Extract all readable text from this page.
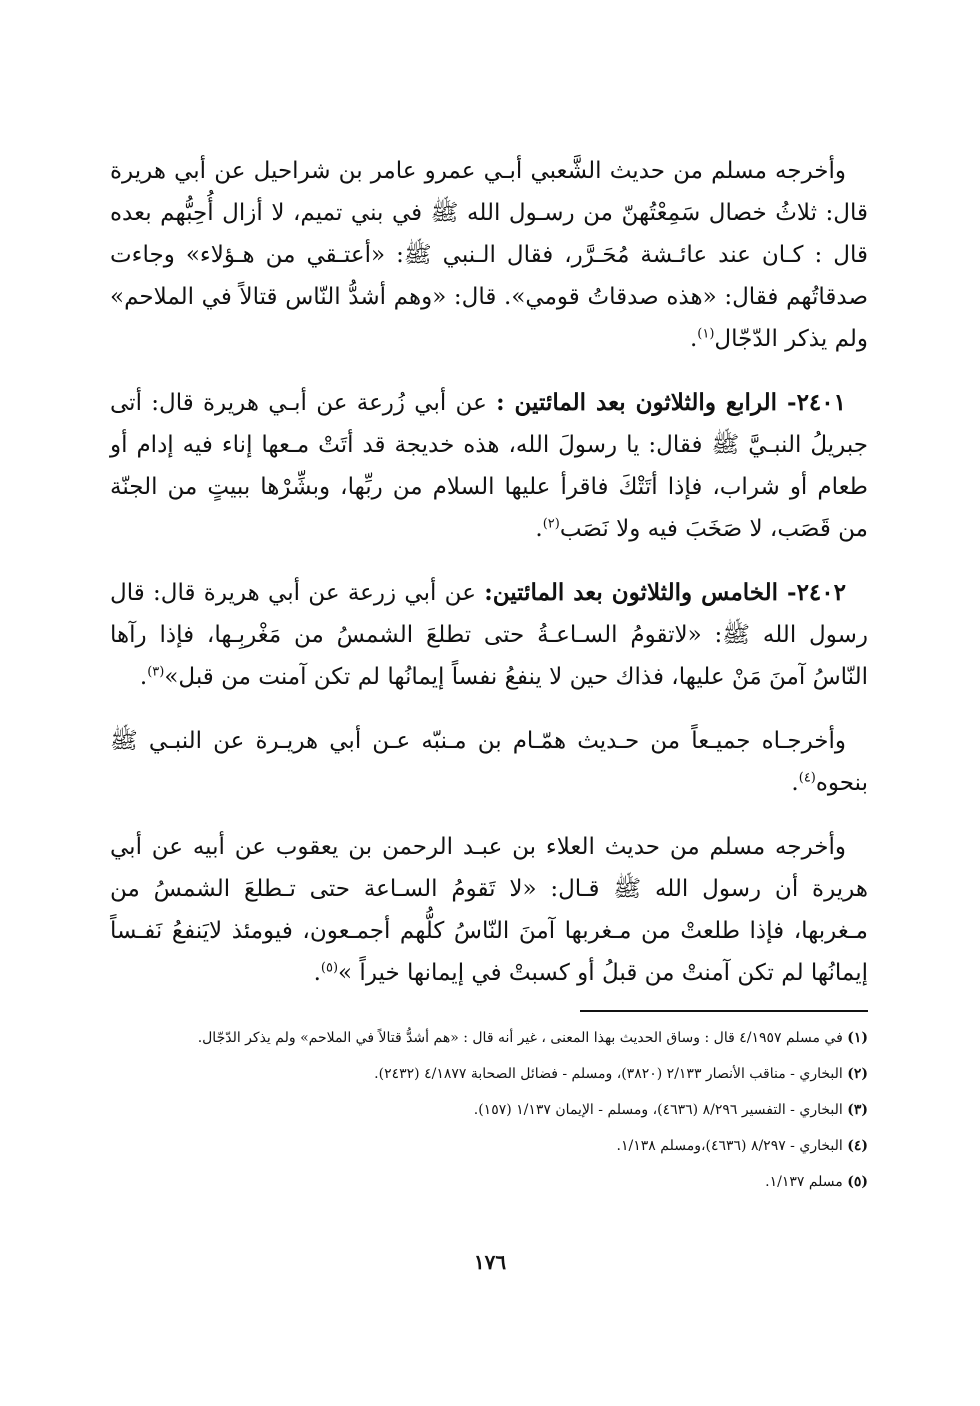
وأخرجه مسلم من حديث الشَّعبي أبـي عمرو عامر بن شراحيل عن أبي هريرة قال: ثلاثُ خصال سَمِعْتُهنّ من رسـول الله ﷺ في بني تميم، لا أزال أُحِبُّهم بعده قال : كـان عند عائـشة مُحَـرَّر، فقال الـنبي ﷺ: «أعتـقي من هـؤلاء» وجاءت صدقاتُهم فقال: «هذه صدقاتُ قومي». قال: «وهم أشدُّ النّاس قتالاً في الملاحم» ولم يذكر الدّجّال$^{(١)}$.

٢٤٠١- الرابع والثلاثون بعد المائتين : عن أبي زُرعة عن أبـي هريرة قال: أتى جبريلُ النبـيَّ ﷺ فقال: يا رسولَ الله، هذه خديجة قد أتَتْ مـعها إناء فيه إدام أو طعام أو شراب، فإذا أتَتْكَ فاقرأ عليها السلام من ربِّها، وبشِّرْها ببيتٍ من الجنّة من قَصَب، لا صَخَبَ فيه ولا نَصَب$^{(٢)}$.

٢٤٠٢- الخامس والثلاثون بعد المائتين: عن أبي زرعة عن أبي هريرة قال: قال رسول الله ﷺ: «لاتقومُ السـاعـةُ حتى تطلعَ الشمسُ من مَغْربِـها، فإذا رآها النّاسُ آمنَ مَنْ عليها، فذاك حين لا ينفعُ نفساً إيمانُها لم تكن آمنت من قبل»$^{(٣)}$.

وأخرجـاه جميـعاً من حـديث همّـام بن مـنبّه عـن أبي هريـرة عن النبـي ﷺ بنحوه$^{(٤)}$.

وأخرجه مسلم من حديث العلاء بن عبـد الرحمن بن يعقوب عن أبيه عن أبي هريرة أن رسول الله ﷺ قـال: «لا تَقومُ السـاعة حتى تـطلعَ الشمسُ من مـغربها، فإذا طلعتْ من مـغربها آمنَ النّاسُ كلُّهم أجمـعون، فيومئذ لايَنفعُ نَفـساً إيمانُها لم تكن آمنتْ من قبلُ أو كسبتْ في إيمانها خيراً »$^{(٥)}$.

(١) في مسلم ٤/١٩٥٧ قال : وساق الحديث بهذا المعنى ، غير أنه قال : «هم أشدُّ قتالاً في الملاحم» ولم يذكر الدّجّال.

(٢) البخاري - مناقب الأنصار ٢/١٣٣ (٣٨٢٠)، ومسلم - فضائل الصحابة ٤/١٨٧٧ (٢٤٣٢).

(٣) البخاري - التفسير ٨/٢٩٦ (٤٦٣٦)، ومسلم - الإيمان ١/١٣٧ (١٥٧).

(٤) البخاري - ٨/٢٩٧ (٤٦٣٦)،ومسلم ١/١٣٨.

(٥) مسلم ١/١٣٧.

١٧٦
